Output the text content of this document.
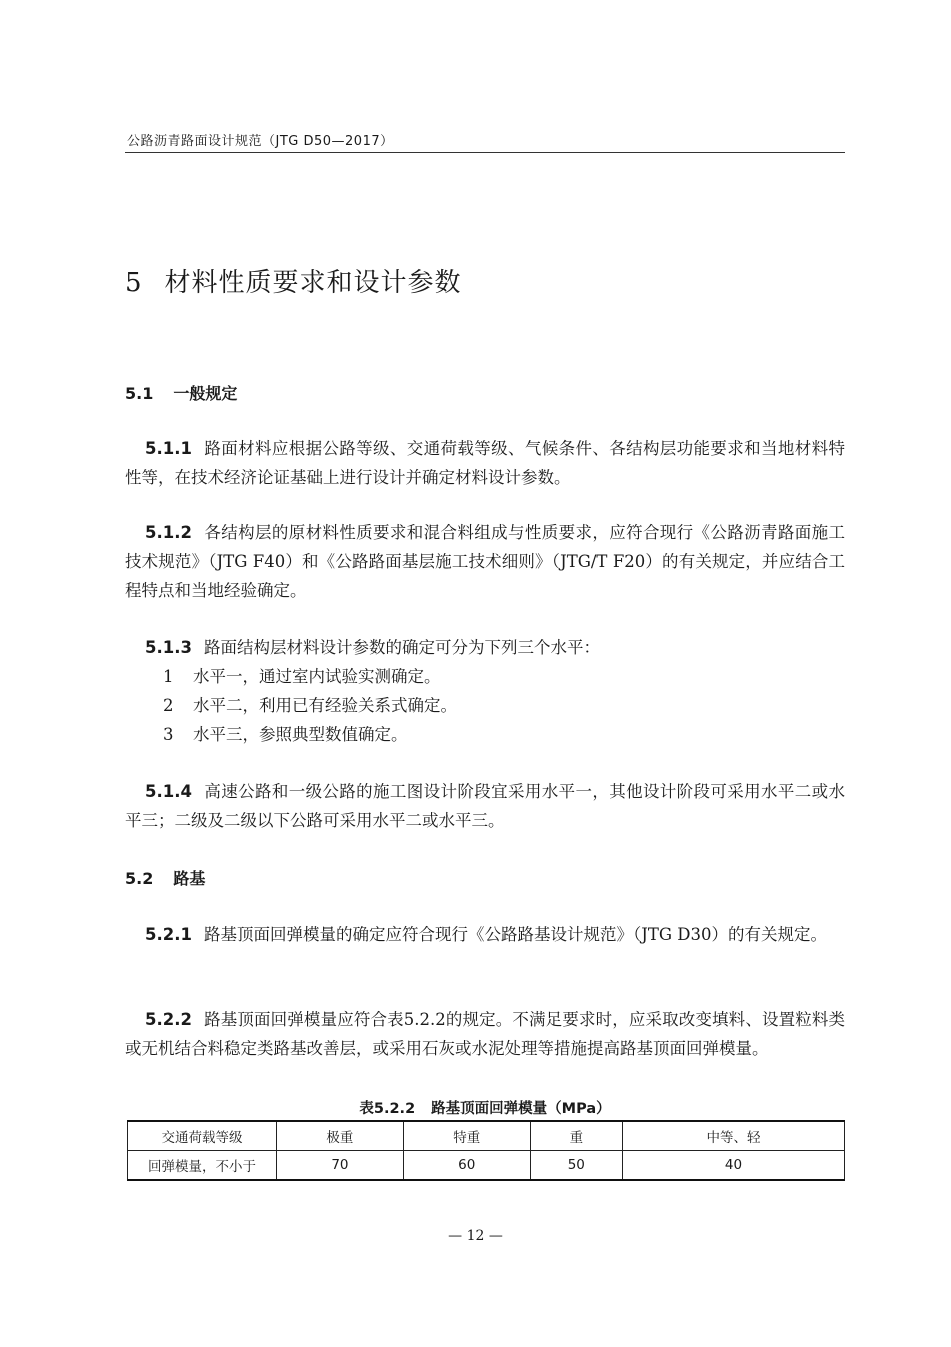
公路沥青路面设计规范（JTG D50—2017）
5 材料性质要求和设计参数
5.1 一般规定
5.1.1 路面材料应根据公路等级、交通荷载等级、气候条件、各结构层功能要求和当地材料特性等，在技术经济论证基础上进行设计并确定材料设计参数。
5.1.2 各结构层的原材料性质要求和混合料组成与性质要求，应符合现行《公路沥青路面施工技术规范》（JTG F40）和《公路路面基层施工技术细则》（JTG/T F20）的有关规定，并应结合工程特点和当地经验确定。
5.1.3 路面结构层材料设计参数的确定可分为下列三个水平：
1 水平一，通过室内试验实测确定。
2 水平二，利用已有经验关系式确定。
3 水平三，参照典型数值确定。
5.1.4 高速公路和一级公路的施工图设计阶段宜采用水平一，其他设计阶段可采用水平二或水平三；二级及二级以下公路可采用水平二或水平三。
5.2 路基
5.2.1 路基顶面回弹模量的确定应符合现行《公路路基设计规范》（JTG D30）的有关规定。
5.2.2 路基顶面回弹模量应符合表5.2.2的规定。不满足要求时，应采取改变填料、设置粒料类或无机结合料稳定类路基改善层，或采用石灰或水泥处理等措施提高路基顶面回弹模量。
表5.2.2 路基顶面回弹模量（MPa）
交通荷载等级	极重	特重	重	中等、轻
回弹模量，不小于	70	60	50	40
— 12 —
